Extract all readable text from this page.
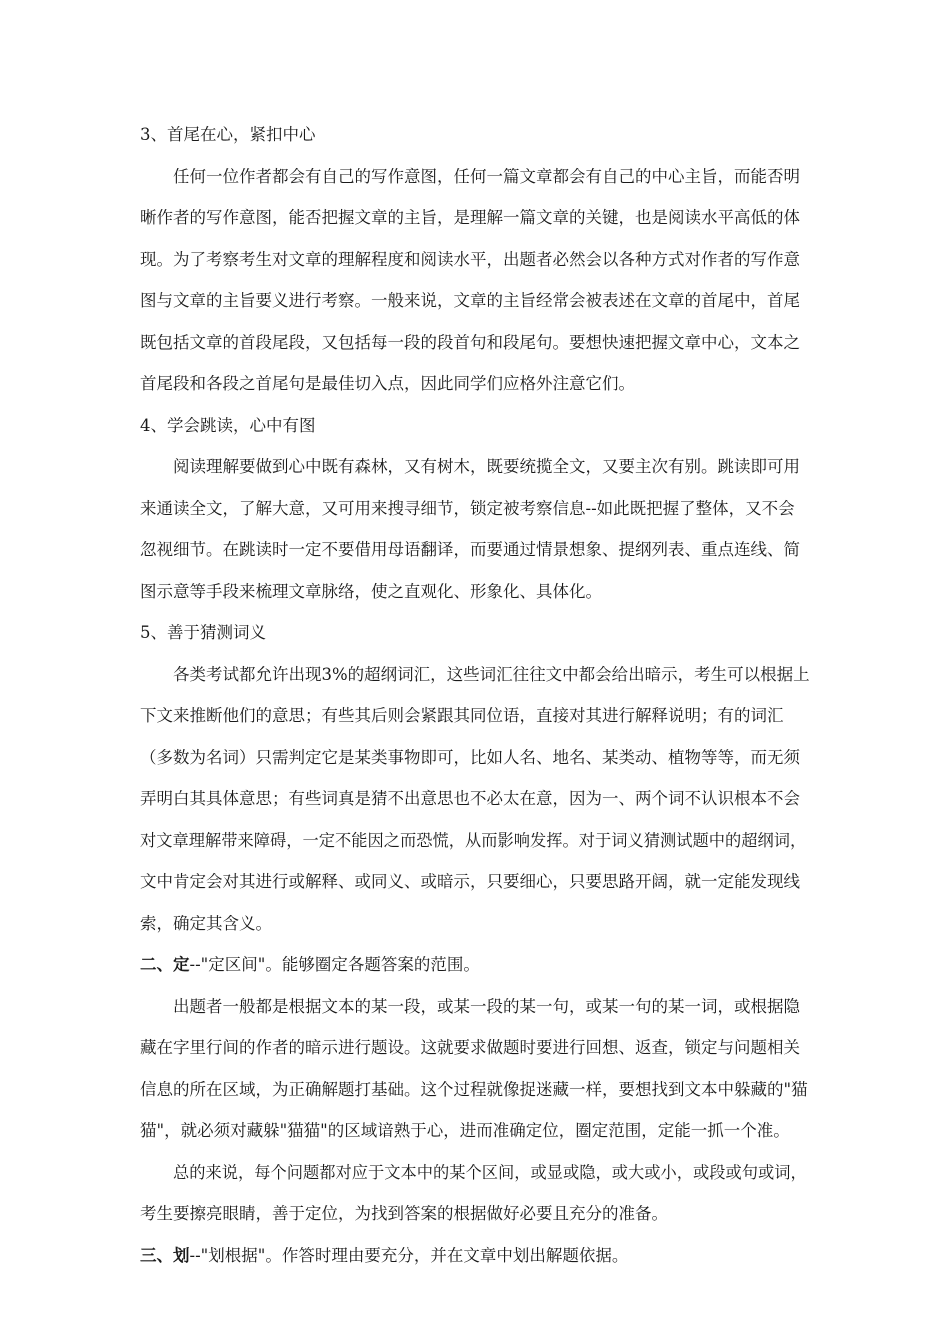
3、首尾在心，紧扣中心

任何一位作者都会有自己的写作意图，任何一篇文章都会有自己的中心主旨，而能否明

晰作者的写作意图，能否把握文章的主旨，是理解一篇文章的关键，也是阅读水平高低的体

现。为了考察考生对文章的理解程度和阅读水平，出题者必然会以各种方式对作者的写作意

图与文章的主旨要义进行考察。一般来说，文章的主旨经常会被表述在文章的首尾中，首尾

既包括文章的首段尾段，又包括每一段的段首句和段尾句。要想快速把握文章中心，文本之

首尾段和各段之首尾句是最佳切入点，因此同学们应格外注意它们。

4、学会跳读，心中有图

阅读理解要做到心中既有森林，又有树木，既要统揽全文，又要主次有别。跳读即可用

来通读全文，了解大意，又可用来搜寻细节，锁定被考察信息--如此既把握了整体，又不会

忽视细节。在跳读时一定不要借用母语翻译，而要通过情景想象、提纲列表、重点连线、简

图示意等手段来梳理文章脉络，使之直观化、形象化、具体化。

5、善于猜测词义

各类考试都允许出现3%的超纲词汇，这些词汇往往文中都会给出暗示，考生可以根据上

下文来推断他们的意思；有些其后则会紧跟其同位语，直接对其进行解释说明；有的词汇

（多数为名词）只需判定它是某类事物即可，比如人名、地名、某类动、植物等等，而无须

弄明白其具体意思；有些词真是猜不出意思也不必太在意，因为一、两个词不认识根本不会

对文章理解带来障碍，一定不能因之而恐慌，从而影响发挥。对于词义猜测试题中的超纲词，

文中肯定会对其进行或解释、或同义、或暗示，只要细心，只要思路开阔，就一定能发现线

索，确定其含义。

二、定--"定区间"。能够圈定各题答案的范围。

出题者一般都是根据文本的某一段，或某一段的某一句，或某一句的某一词，或根据隐

藏在字里行间的作者的暗示进行题设。这就要求做题时要进行回想、返查，锁定与问题相关

信息的所在区域，为正确解题打基础。这个过程就像捉迷藏一样，要想找到文本中躲藏的"猫

猫"，就必须对藏躲"猫猫"的区域谙熟于心，进而准确定位，圈定范围，定能一抓一个准。

总的来说，每个问题都对应于文本中的某个区间，或显或隐，或大或小，或段或句或词，

考生要擦亮眼睛，善于定位，为找到答案的根据做好必要且充分的准备。

三、划--"划根据"。作答时理由要充分，并在文章中划出解题依据。
